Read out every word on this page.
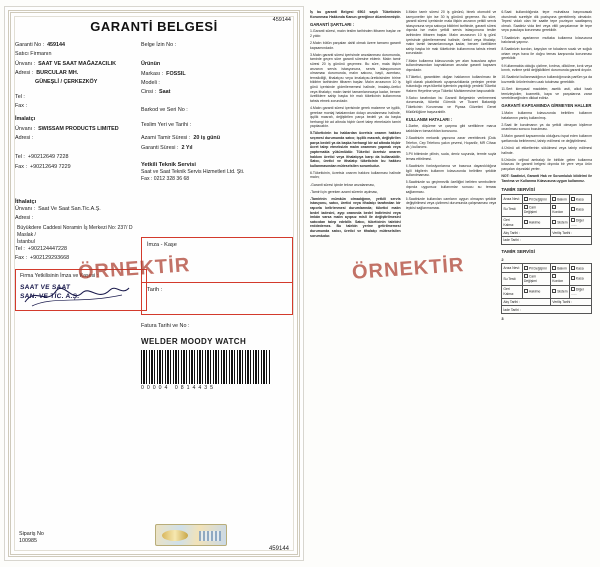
459144
GARANTİ BELGESİ
Garanti No : 459144
Satıcı Firmanın
Ünvanı : SAAT VE SAAT MAĞAZACILIK
Adresi : BURCULAR MH.
GÜNEŞLİ / ÇERKEZKÖY
Tel :
Fax :
İmalatçı
Ünvanı : SWISSAM PRODUCTS LIMITED
Adresi :
Tel : +90212649 7228
Fax : +90212649 7229
İthalatçı
Ünvanı : Saat Ve Saat San.Tic.A.Ş.
Adresi :
Büyükdere Caddesi Noramin İş Merkezi No: 237/ D Maslak /
İstanbul
Tel : +902124447228
Fax : +902129293668
Firma Yetkilisinin İmza ve Kaşesi :
SAAT VE SAAT
SAN. VE TİC. A.Ş.
Belge İzin No :
Ürünün
Markası : FOSSIL
Modeli :
Cinsi : Saat
Barkod ve Seri No :
Teslim Yeri ve Tarihi :
Azami Tamir Süresi : 20 iş günü
Garanti Süresi : 2 Yıl
Yetkili Teknik Servisi
Saat ve Saat Teknik Servis Hizmetleri Ltd. Şti.
Fax : 0212 328 36 68
İmza - Kaşe
Tarih :
Fatura Tarihi ve No :
WELDER MOODY WATCH
00004 0814435
Sipariş No
100985
459144

İş bu garanti Belgesi 6502 sayılı Tüketicinin Korunması Hakkında Kanun gereğince düzenlenmiştir.

GARANTİ ŞARTLARI :

1.Garanti süresi, malın teslim tarihinden itibaren başlar ve 2 yıldır.

2.Malın bütün parçaları dahil olmak üzere tamamı garanti kapsamındadır.

3.Malın garanti süresi içerisinde arızalanması durumunda, tamirde geçen süre garanti süresine eklenir. Malın tamir süresi 20 iş gününü geçemez. Bu süre, mala ilişkin arızanın servis istasyonuna, servis istasyonunun olmaması durumunda, malın satıcısı, bayii, acentası, temsilciliği, ithalatçısı veya imalatçısı-üreticisinden birine bildirim tarihinden itibaren başlar. Malın arızasının 10 iş günü içerisinde giderilememesi halinde, imalatçı-üretici veya ithalatçı; malın tamiri tamamlanıncaya kadar, benzer özelliklere sahip başka bir malı tüketicinin kullanımına tahsis etmek zorundadır.

4.Malın garanti süresi içerisinde gerek malzeme ve işçilik, gerekse montaj hatalarından dolayı arızalanması halinde, işçilik masrafı, değiştirilen parça bedeli ya da başka herhangi bir ad altında hiçbir ücret talep etmeksizin tamiri yapılacaktır.

5.Tüketicinin bu haklardan ücretsiz onarım hakkını seçmesi durumunda satıcı; işçilik masrafı, değiştirilen parça bedeli ya da başka herhangi bir ad altında hiçbir ücret talep etmeksizin malın onarımını yapmak veya yaptırmakla yükümlüdür. Tüketici ücretsiz onarım hakkını üretici veya ithalatçıya karşı da kullanabilir. Satıcı, üretici ve ithalatçı tüketicinin bu hakkını kullanmasından müteselsilen sorumludur.

6.Tüketicinin, ücretsiz onarım hakkını kullanması halinde malın;

-Garanti süresi içinde tekrar arızalanması,

-Tamiri için gereken azami sürenin aşılması,

-Tamirinin mümkün olmadığının, yetkili servis istasyonu, satıcı, üretici veya ithalatçı tarafından bir raporla belirlenmesi durumlarında; tüketici malın bedel iadesini, ayıp oranında bedel indirimini veya imkân varsa malın ayıpsız misli ile değiştirilmesini satıcıdan talep edebilir. Satıcı, tüketicinin talebini reddedemez. Bu talebin yerine getirilmemesi durumunda satıcı, üretici ve ithalatçı müteselsilen sorumludur.

6.Malın tamir süresi 20 iş gününü, binek otomobil ve kamyonetler için ise 30 iş gününü geçemez. Bu süre, garanti süresi içerisinde mala ilişkin arızanın yetkili servis istasyonuna veya satıcıya bildirimi tarihinde, garanti süresi dışında ise malın yetkili servis istasyonuna teslim tarihinden itibaren başlar. Malın arızasının 10 iş günü içerisinde giderilememesi halinde, üretici veya ithalatçı; malın tamiri tamamlanıncaya kadar, benzer özelliklere sahip başka bir malı tüketicinin kullanımına tahsis etmek zorundadır.

7.Malın kullanma kılavuzunda yer alan hususlara aykırı kullanılmasından kaynaklanan arızalar garanti kapsamı dışındadır.

8.Tüketici, garantiden doğan haklarının kullanılması ile ilgili olarak çıkabilecek uyuşmazlıklarda yerleşim yerinin bulunduğu veya tüketici işleminin yapıldığı yerdeki Tüketici Hakem Heyetine veya Tüketici Mahkemesine başvurabilir.

9.Satıcı tarafından bu Garanti Belgesinin verilmemesi durumunda, tüketici Gümrük ve Ticaret Bakanlığı Tüketicinin Korunması ve Piyasa Gözetimi Genel Müdürlüğüne başvurabilir.

KULLANIM HATALARI :

1.Darbe, düşürme ve çarpma gibi sertlikleve maruz kaldıkların tomaz/ıtılan konusunu.

2.Saatinizin mekanik yapısına zarar verebilecek (Dolu Telefon, Cep Telefonu yakın çevresi, Hoparlör, MR Cihazı vb.) kullanımı.

3.Pil bitiminde pilinin, suda, deniz suyunda, termle suyla temas ettirilmesi.

4.Saatinizin fonksiyonlarına ve basınca dayanıklılığına ilgili bilgilerin kullanım kılavuzunda belirtilen şekilde kullanılmaması.

5.Saatinizde su geçirmezlik özelliğini belirten sembollerin dışında uygunsuz kullanımlar sonucu su teması sağlanması.

6.Saatinizde kullanılan camların uygun olmayan şekilde değiştirilmesi veya çizilmesi durumunda çalışmaması veya tepkisi sağlanmaması.

6.Saat kullanıldığında tepe muhafaza başınıcasak oturulmak suretiyle dik pozisyona gerektirmiş olmalıdır. Tepesi vidalı olan bir saatte tepe pozisyon saatlaşmış olmalı. Saatiniz vida ileri veya vitili parçalarınar ile tepe veya pusulaya korunması gereklidir.

7.Saatinizin ayarlarının mutlaka kullanma kılavuzuna bakılarak yapınız.

8.Saatinizin kordon, kayışları ve tokaların sıcak ve soğuk ortam veya hava ile doğru temas karşısında korunması gereklidir.

9.Kullanmakta olduğu çizilme, kırılma, dökülme, kırık veya kırıntı, ezilme şekil değişiklikleri durumunda garanti dışıdır.

10.Saatinizi kullanmadığınızı kullandığınızda parfüm ya da kozmetik ürünlerinden uzak tutulması gereklidir.

11.Sert kimyasal maddeler, asetik asit, alkol bazlı temizleyiciler, kozmetik, kaya ve parçalarına zarar verebileceğinden dikkat ediniz.

GARANTİ KAPSAMINDA GİRMEYEN HALLER

1.Malın kullanma kılavuzunda belirtilen kullanım hatalarının yanlış kullanılmış.

2.Saat ile kurulmanın ya da yetkili olmayan kişilerce onarılması sonucu bozulması.

3.Malın garanti kapsamında olduğunu ispat eden kullanım şartlarında belirlemesi, tahrip edilmesi ve değiştirilmesi.

4.Ürünü ait etiketlerinin sökülmesi veya tahrip edilmesi halinde.

5.Ürünün orijinal ambalajı ile birlikte gelen kullanma kılavuzu ile garanti belgesi dışında bir yere veya ürün parçaları dışındaki yerler.

NOT: Saatinizi, Garanti Hak ve Sorumluluk bildirimi ile Tanıtma ve Kullanma Kılavuzuna uygun kullanınız.

TAMİR SERVİSİ
Arıza Nevi:	Pil Değişimi	Bakım	Kasa
Su Testi:	Cam Değişimi	Kordon	Kasa
Geri Kalma:	Hakime	Sistem	Diğer ......
Alış Tarihi :		Veriliş Tarihi :	
İade Tarihi :			
TAMİR SERVİSİ
2
Arıza Nevi:	Pil Değişimi	Bakım	Kasa
Su Testi:	Cam Değişimi	Kordon	Kasa
Geri Kalma:	Hakime	Sistem	Diğer ......
Alış Tarihi :		Veriliş Tarihi :	
İade Tarihi :			
3
ÖRNEKTİR	ÖRNEKTİR
